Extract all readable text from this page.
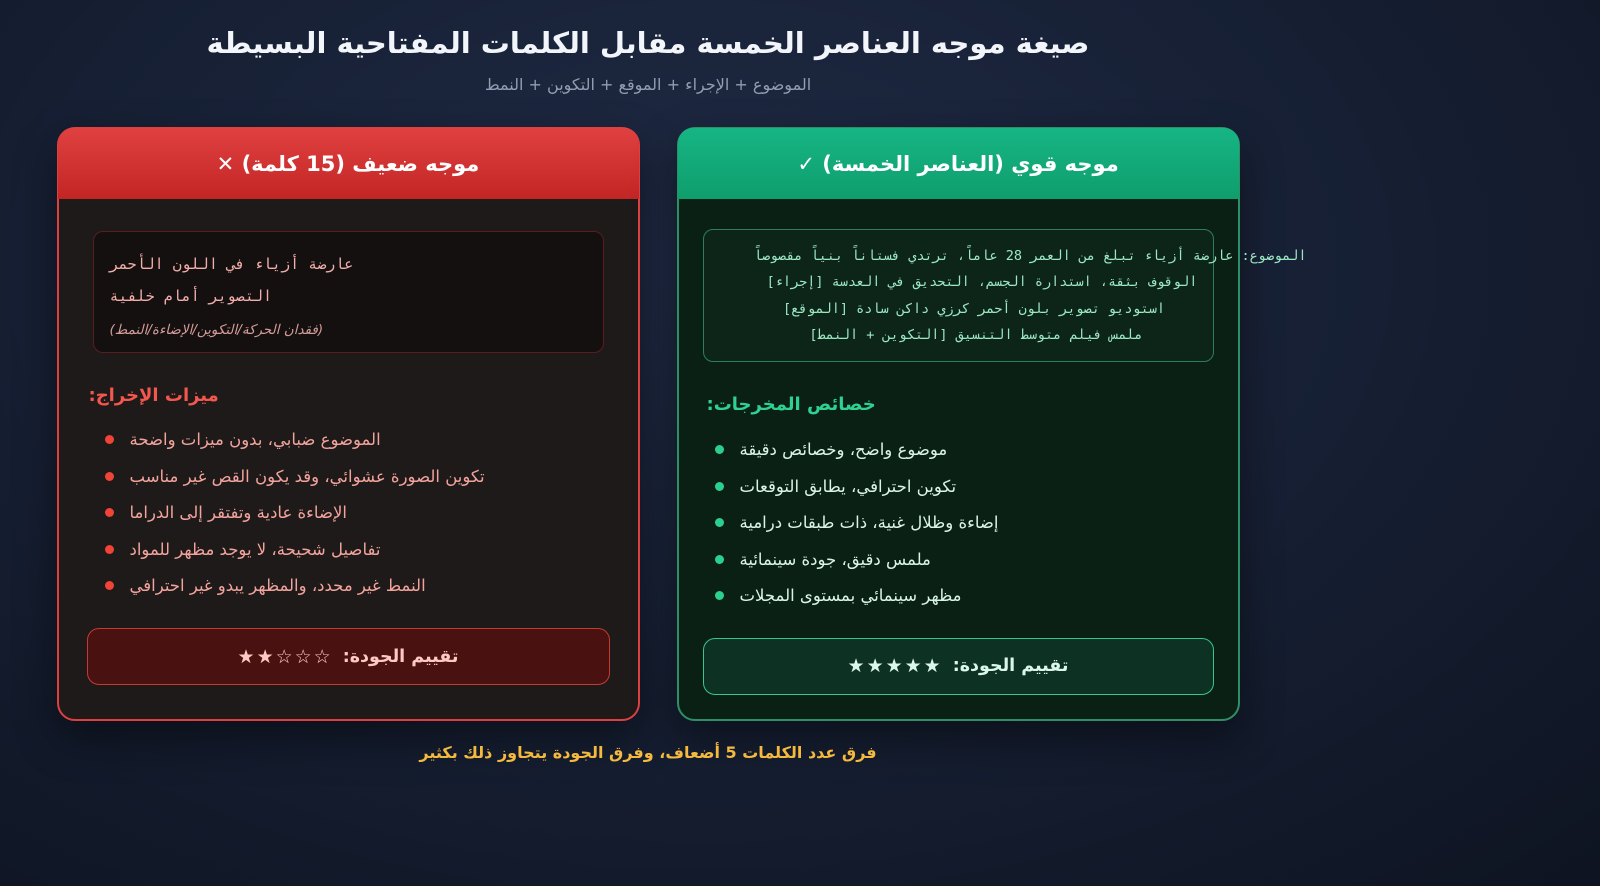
صيغة موجه العناصر الخمسة مقابل الكلمات المفتاحية البسيطة

الموضوع + الإجراء + الموقع + التكوين + النمط

موجه ضعيف (15 كلمة) ✕
عارضة أزياء في اللون الأحمر
التصوير أمام خلفية
(فقدان الحركة/التكوين/الإضاءة/النمط)
ميزات الإخراج:
الموضوع ضبابي، بدون ميزات واضحة
تكوين الصورة عشوائي، وقد يكون القص غير مناسب
الإضاءة عادية وتفتقر إلى الدراما
تفاصيل شحيحة، لا يوجد مظهر للمواد
النمط غير محدد، والمظهر يبدو غير احترافي
تقييم الجودة:
★★☆☆☆
موجه قوي (العناصر الخمسة) ✓
الموضوع: عارضة أزياء تبلغ من العمر 28 عاماً، ترتدي فستاناً بنياً مقصوصاً
الوقوف بثقة، استدارة الجسم، التحديق في العدسة [إجراء]
استوديو تصوير بلون أحمر كرزي داكن سادة [الموقع]
ملمس فيلم متوسط التنسيق [التكوين + النمط]
خصائص المخرجات:
موضوع واضح، وخصائص دقيقة
تكوين احترافي، يطابق التوقعات
إضاءة وظلال غنية، ذات طبقات درامية
ملمس دقيق، جودة سينمائية
مظهر سينمائي بمستوى المجلات
تقييم الجودة:
★★★★★

فرق عدد الكلمات 5 أضعاف، وفرق الجودة يتجاوز ذلك بكثير
